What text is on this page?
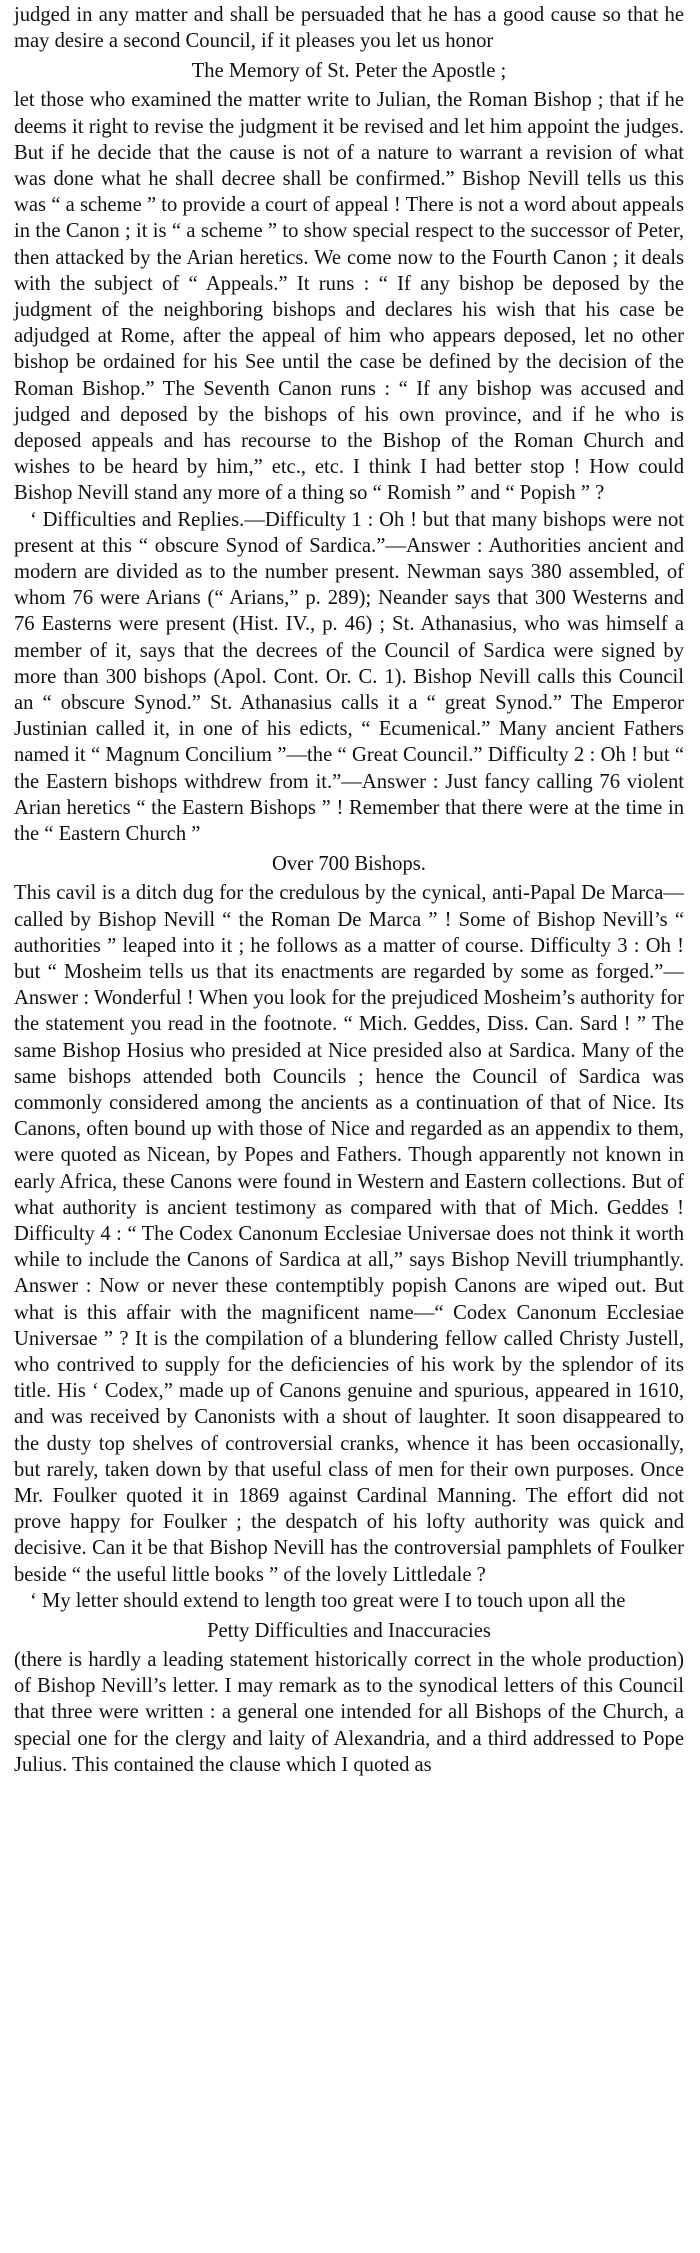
judged in any matter and shall be persuaded that he has a good cause so that he may desire a second Council, if it pleases you let us honor

The Memory of St. Peter the Apostle ;

let those who examined the matter write to Julian, the Roman Bishop ; that if he deems it right to revise the judgment it be revised and let him appoint the judges. But if he decide that the cause is not of a nature to warrant a revision of what was done what he shall decree shall be confirmed.” Bishop Nevill tells us this was “ a scheme ” to provide a court of appeal ! There is not a word about appeals in the Canon ; it is “ a scheme ” to show special respect to the successor of Peter, then attacked by the Arian heretics. We come now to the Fourth Canon ; it deals with the subject of “ Appeals.” It runs : “ If any bishop be deposed by the judgment of the neighboring bishops and declares his wish that his case be adjudged at Rome, after the appeal of him who appears deposed, let no other bishop be ordained for his See until the case be defined by the decision of the Roman Bishop.” The Seventh Canon runs : “ If any bishop was accused and judged and deposed by the bishops of his own province, and if he who is deposed appeals and has recourse to the Bishop of the Roman Church and wishes to be heard by him,” etc., etc. I think I had better stop ! How could Bishop Nevill stand any more of a thing so “ Romish ” and “ Popish ” ?

‘ Difficulties and Replies.—Difficulty 1 : Oh ! but that many bishops were not present at this “ obscure Synod of Sardica.”—Answer : Authorities ancient and modern are divided as to the number present. Newman says 380 assembled, of whom 76 were Arians (“ Arians,” p. 289); Neander says that 300 Westerns and 76 Easterns were present (Hist. IV., p. 46) ; St. Athanasius, who was himself a member of it, says that the decrees of the Council of Sardica were signed by more than 300 bishops (Apol. Cont. Or. C. 1). Bishop Nevill calls this Council an “ obscure Synod.” St. Athanasius calls it a “ great Synod.” The Emperor Justinian called it, in one of his edicts, “ Ecumenical.” Many ancient Fathers named it “ Magnum Concilium ”—the “ Great Council.” Difficulty 2 : Oh ! but “ the Eastern bishops withdrew from it.”—Answer : Just fancy calling 76 violent Arian heretics “ the Eastern Bishops ” ! Remember that there were at the time in the “ Eastern Church ”

Over 700 Bishops.

This cavil is a ditch dug for the credulous by the cynical, anti-Papal De Marca—called by Bishop Nevill “ the Roman De Marca ” ! Some of Bishop Nevill’s “ authorities ” leaped into it ; he follows as a matter of course. Difficulty 3 : Oh ! but “ Mosheim tells us that its enactments are regarded by some as forged.”—Answer : Wonderful ! When you look for the prejudiced Mosheim’s authority for the statement you read in the footnote. “ Mich. Geddes, Diss. Can. Sard ! ” The same Bishop Hosius who presided at Nice presided also at Sardica. Many of the same bishops attended both Councils ; hence the Council of Sardica was commonly considered among the ancients as a continuation of that of Nice. Its Canons, often bound up with those of Nice and regarded as an appendix to them, were quoted as Nicean, by Popes and Fathers. Though apparently not known in early Africa, these Canons were found in Western and Eastern collections. But of what authority is ancient testimony as compared with that of Mich. Geddes ! Difficulty 4 : “ The Codex Canonum Ecclesiae Universae does not think it worth while to include the Canons of Sardica at all,” says Bishop Nevill triumphantly. Answer : Now or never these contemptibly popish Canons are wiped out. But what is this affair with the magnificent name—“ Codex Canonum Ecclesiae Universae ” ? It is the compilation of a blundering fellow called Christy Justell, who contrived to supply for the deficiencies of his work by the splendor of its title. His ‘ Codex,” made up of Canons genuine and spurious, appeared in 1610, and was received by Canonists with a shout of laughter. It soon disappeared to the dusty top shelves of controversial cranks, whence it has been occasionally, but rarely, taken down by that useful class of men for their own purposes. Once Mr. Foulker quoted it in 1869 against Cardinal Manning. The effort did not prove happy for Foulker ; the despatch of his lofty authority was quick and decisive. Can it be that Bishop Nevill has the controversial pamphlets of Foulker beside “ the useful little books ” of the lovely Littledale ?

‘ My letter should extend to length too great were I to touch upon all the

Petty Difficulties and Inaccuracies

(there is hardly a leading statement historically correct in the whole production) of Bishop Nevill’s letter. I may remark as to the synodical letters of this Council that three were written : a general one intended for all Bishops of the Church, a special one for the clergy and laity of Alexandria, and a third addressed to Pope Julius. This contained the clause which I quoted as
